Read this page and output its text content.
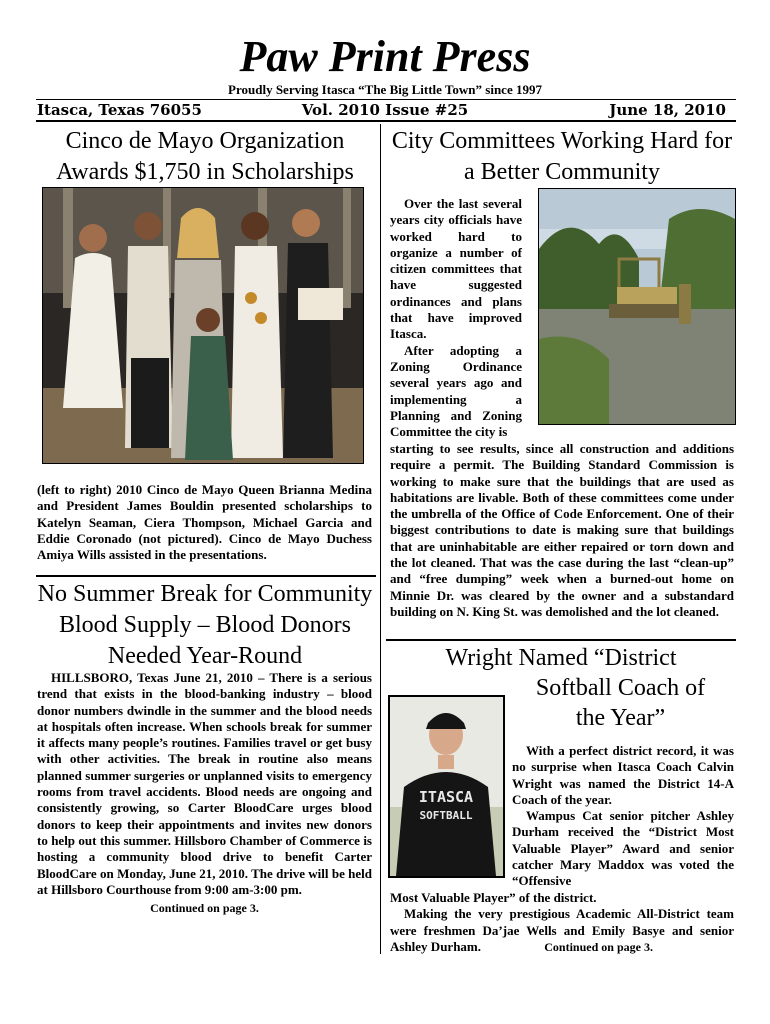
Paw Print Press
Proudly Serving Itasca “The Big Little Town” since 1997
Itasca, Texas 76055	Vol. 2010 Issue #25	June 18, 2010
Cinco de Mayo Organization Awards $1,750 in Scholarships
(left to right) 2010 Cinco de Mayo Queen Brianna Medina and President James Bouldin presented scholarships to Katelyn Seaman, Ciera Thompson, Michael Garcia and Eddie Coronado (not pictured). Cinco de Mayo Duchess Amiya Wills assisted in the presentations.
No Summer Break for Community Blood Supply – Blood Donors Needed Year-Round

HILLSBORO, Texas June 21, 2010 – There is a serious trend that exists in the blood-banking industry – blood donor numbers dwindle in the summer and the blood needs at hospitals often increase. When schools break for summer it affects many people’s routines. Families travel or get busy with other activities. The break in routine also means planned summer surgeries or unplanned visits to emergency rooms from travel accidents. Blood needs are ongoing and consistently growing, so Carter BloodCare urges blood donors to keep their appointments and invites new donors to help out this summer. Hillsboro Chamber of Commerce is hosting a community blood drive to benefit Carter BloodCare on Monday, June 21, 2010. The drive will be held at Hillsboro Courthouse from 9:00 am-3:00 pm.

Continued on page 3.
City Committees Working Hard for a Better Community

Over the last several years city officials have worked hard to organize a number of citizen committees that have suggested ordinances and plans that have improved Itasca.

After adopting a Zoning Ordinance several years ago and implementing a Planning and Zoning Committee the city is

starting to see results, since all construction and additions require a permit. The Building Standard Commission is working to make sure that the buildings that are used as habitations are livable. Both of these committees come under the umbrella of the Office of Code Enforcement. One of their biggest contributions to date is making sure that buildings that are uninhabitable are either repaired or torn down and the lot cleaned. That was the case during the last “clean-up” and “free dumping” week when a burned-out home on Minnie Dr. was cleared by the owner and a substandard building on N. King St. was demolished and the lot cleaned.

Wright Named “District
Softball Coach of
the Year”
ITASCA
SOFTBALL

With a perfect district record, it was no surprise when Itasca Coach Calvin Wright was named the District 14-A Coach of the year.

Wampus Cat senior pitcher Ashley Durham received the “District Most Valuable Player” Award and senior catcher Mary Maddox was voted the “Offensive

Most Valuable Player” of the district.

Making the very prestigious Academic All-District team were freshmen Da’jae Wells and Emily Basye and senior Ashley Durham.	Continued on page 3.
